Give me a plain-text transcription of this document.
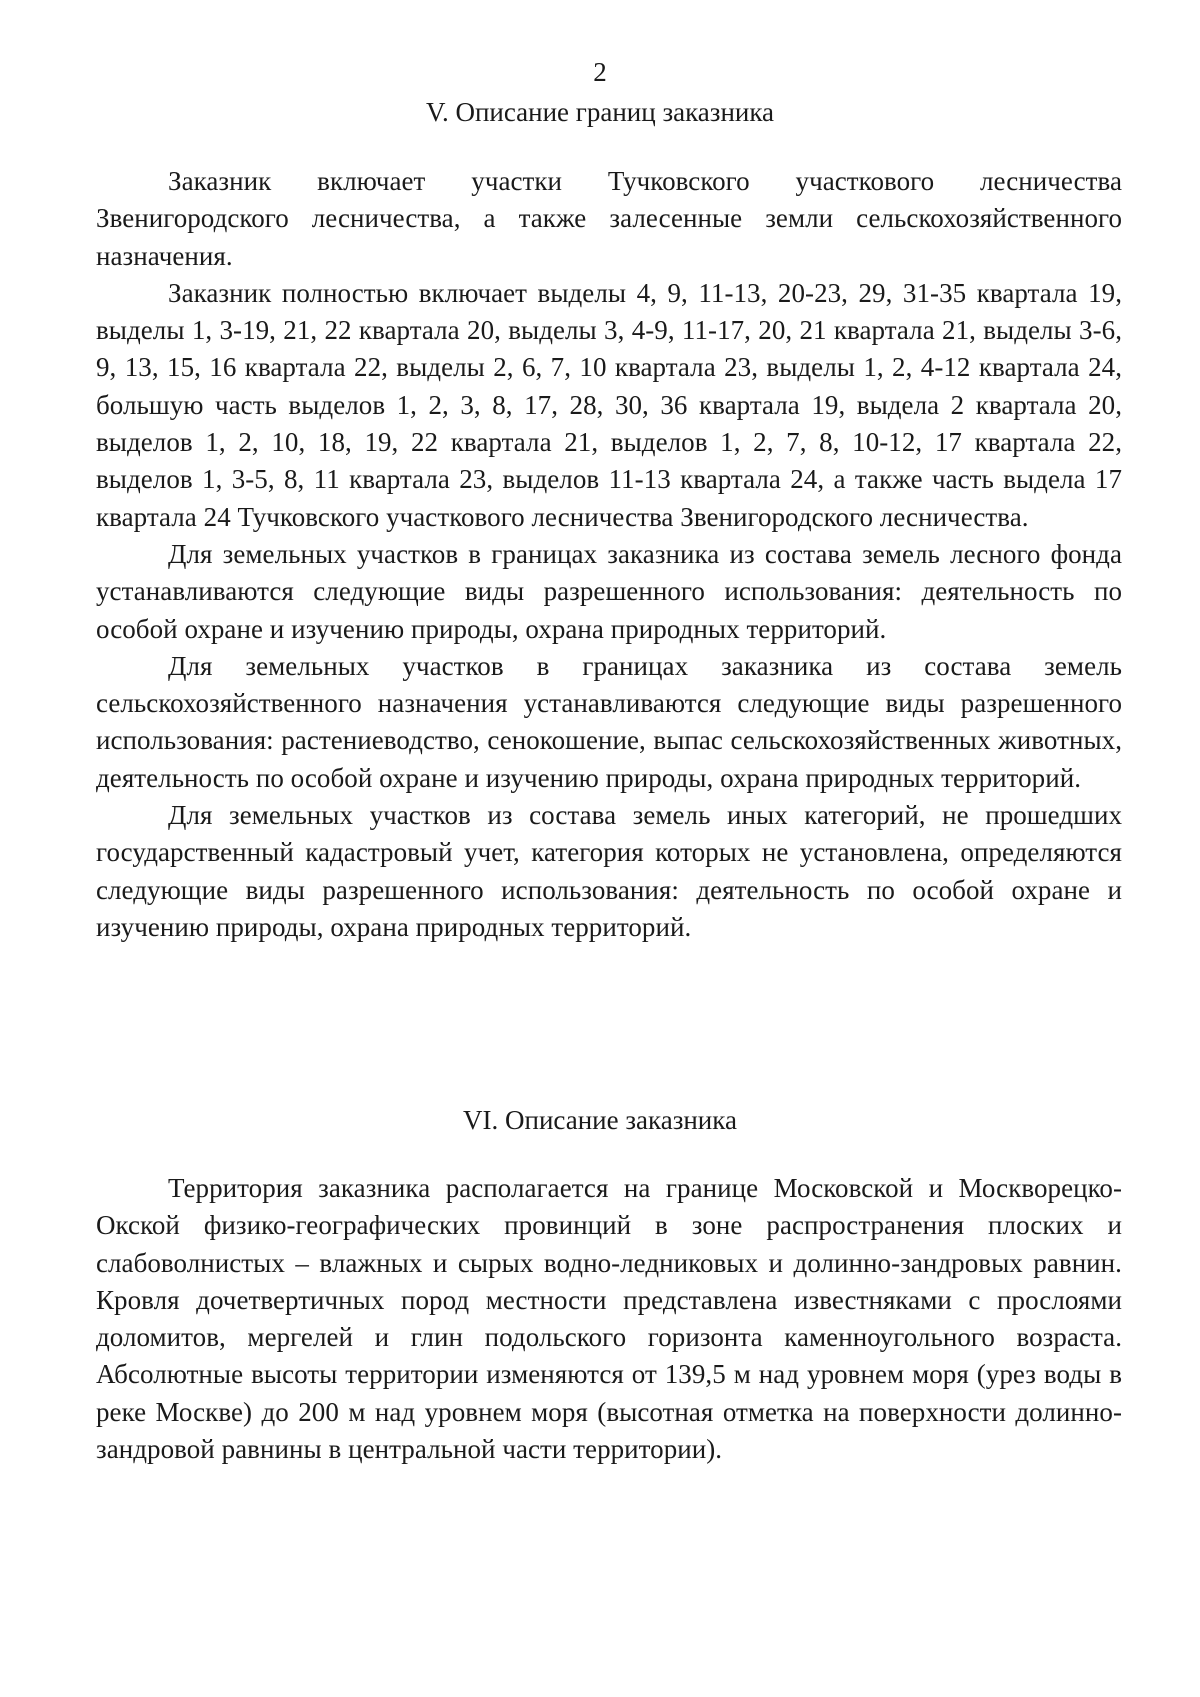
2
V. Описание границ заказника

Заказник включает участки Тучковского участкового лесничества Звенигородского лесничества, а также залесенные земли сельскохозяйственного назначения.

Заказник полностью включает выделы 4, 9, 11-13, 20-23, 29, 31-35 квартала 19, выделы 1, 3-19, 21, 22 квартала 20, выделы 3, 4-9, 11-17, 20, 21 квартала 21, выделы 3-6, 9, 13, 15, 16 квартала 22, выделы 2, 6, 7, 10 квартала 23, выделы 1, 2, 4-12 квартала 24, большую часть выделов 1, 2, 3, 8, 17, 28, 30, 36 квартала 19, выдела 2 квартала 20, выделов 1, 2, 10, 18, 19, 22 квартала 21, выделов 1, 2, 7, 8, 10-12, 17 квартала 22, выделов 1, 3-5, 8, 11 квартала 23, выделов 11-13 квартала 24, а также часть выдела 17 квартала 24 Тучковского участкового лесничества Звенигородского лесничества.

Для земельных участков в границах заказника из состава земель лесного фонда устанавливаются следующие виды разрешенного использования: деятельность по особой охране и изучению природы, охрана природных территорий.

Для земельных участков в границах заказника из состава земель сельскохозяйственного назначения устанавливаются следующие виды разрешенного использования: растениеводство, сенокошение, выпас сельскохозяйственных животных, деятельность по особой охране и изучению природы, охрана природных территорий.

Для земельных участков из состава земель иных категорий, не прошедших государственный кадастровый учет, категория которых не установлена, определяются следующие виды разрешенного использования: деятельность по особой охране и изучению природы, охрана природных территорий.

VI. Описание заказника

Территория заказника располагается на границе Московской и Москворецко-Окской физико-географических провинций в зоне распространения плоских и слабоволнистых – влажных и сырых водно-ледниковых и долинно-зандровых равнин. Кровля дочетвертичных пород местности представлена известняками с прослоями доломитов, мергелей и глин подольского горизонта каменноугольного возраста. Абсолютные высоты территории изменяются от 139,5 м над уровнем моря (урез воды в реке Москве) до 200 м над уровнем моря (высотная отметка на поверхности долинно-зандровой равнины в центральной части территории).
